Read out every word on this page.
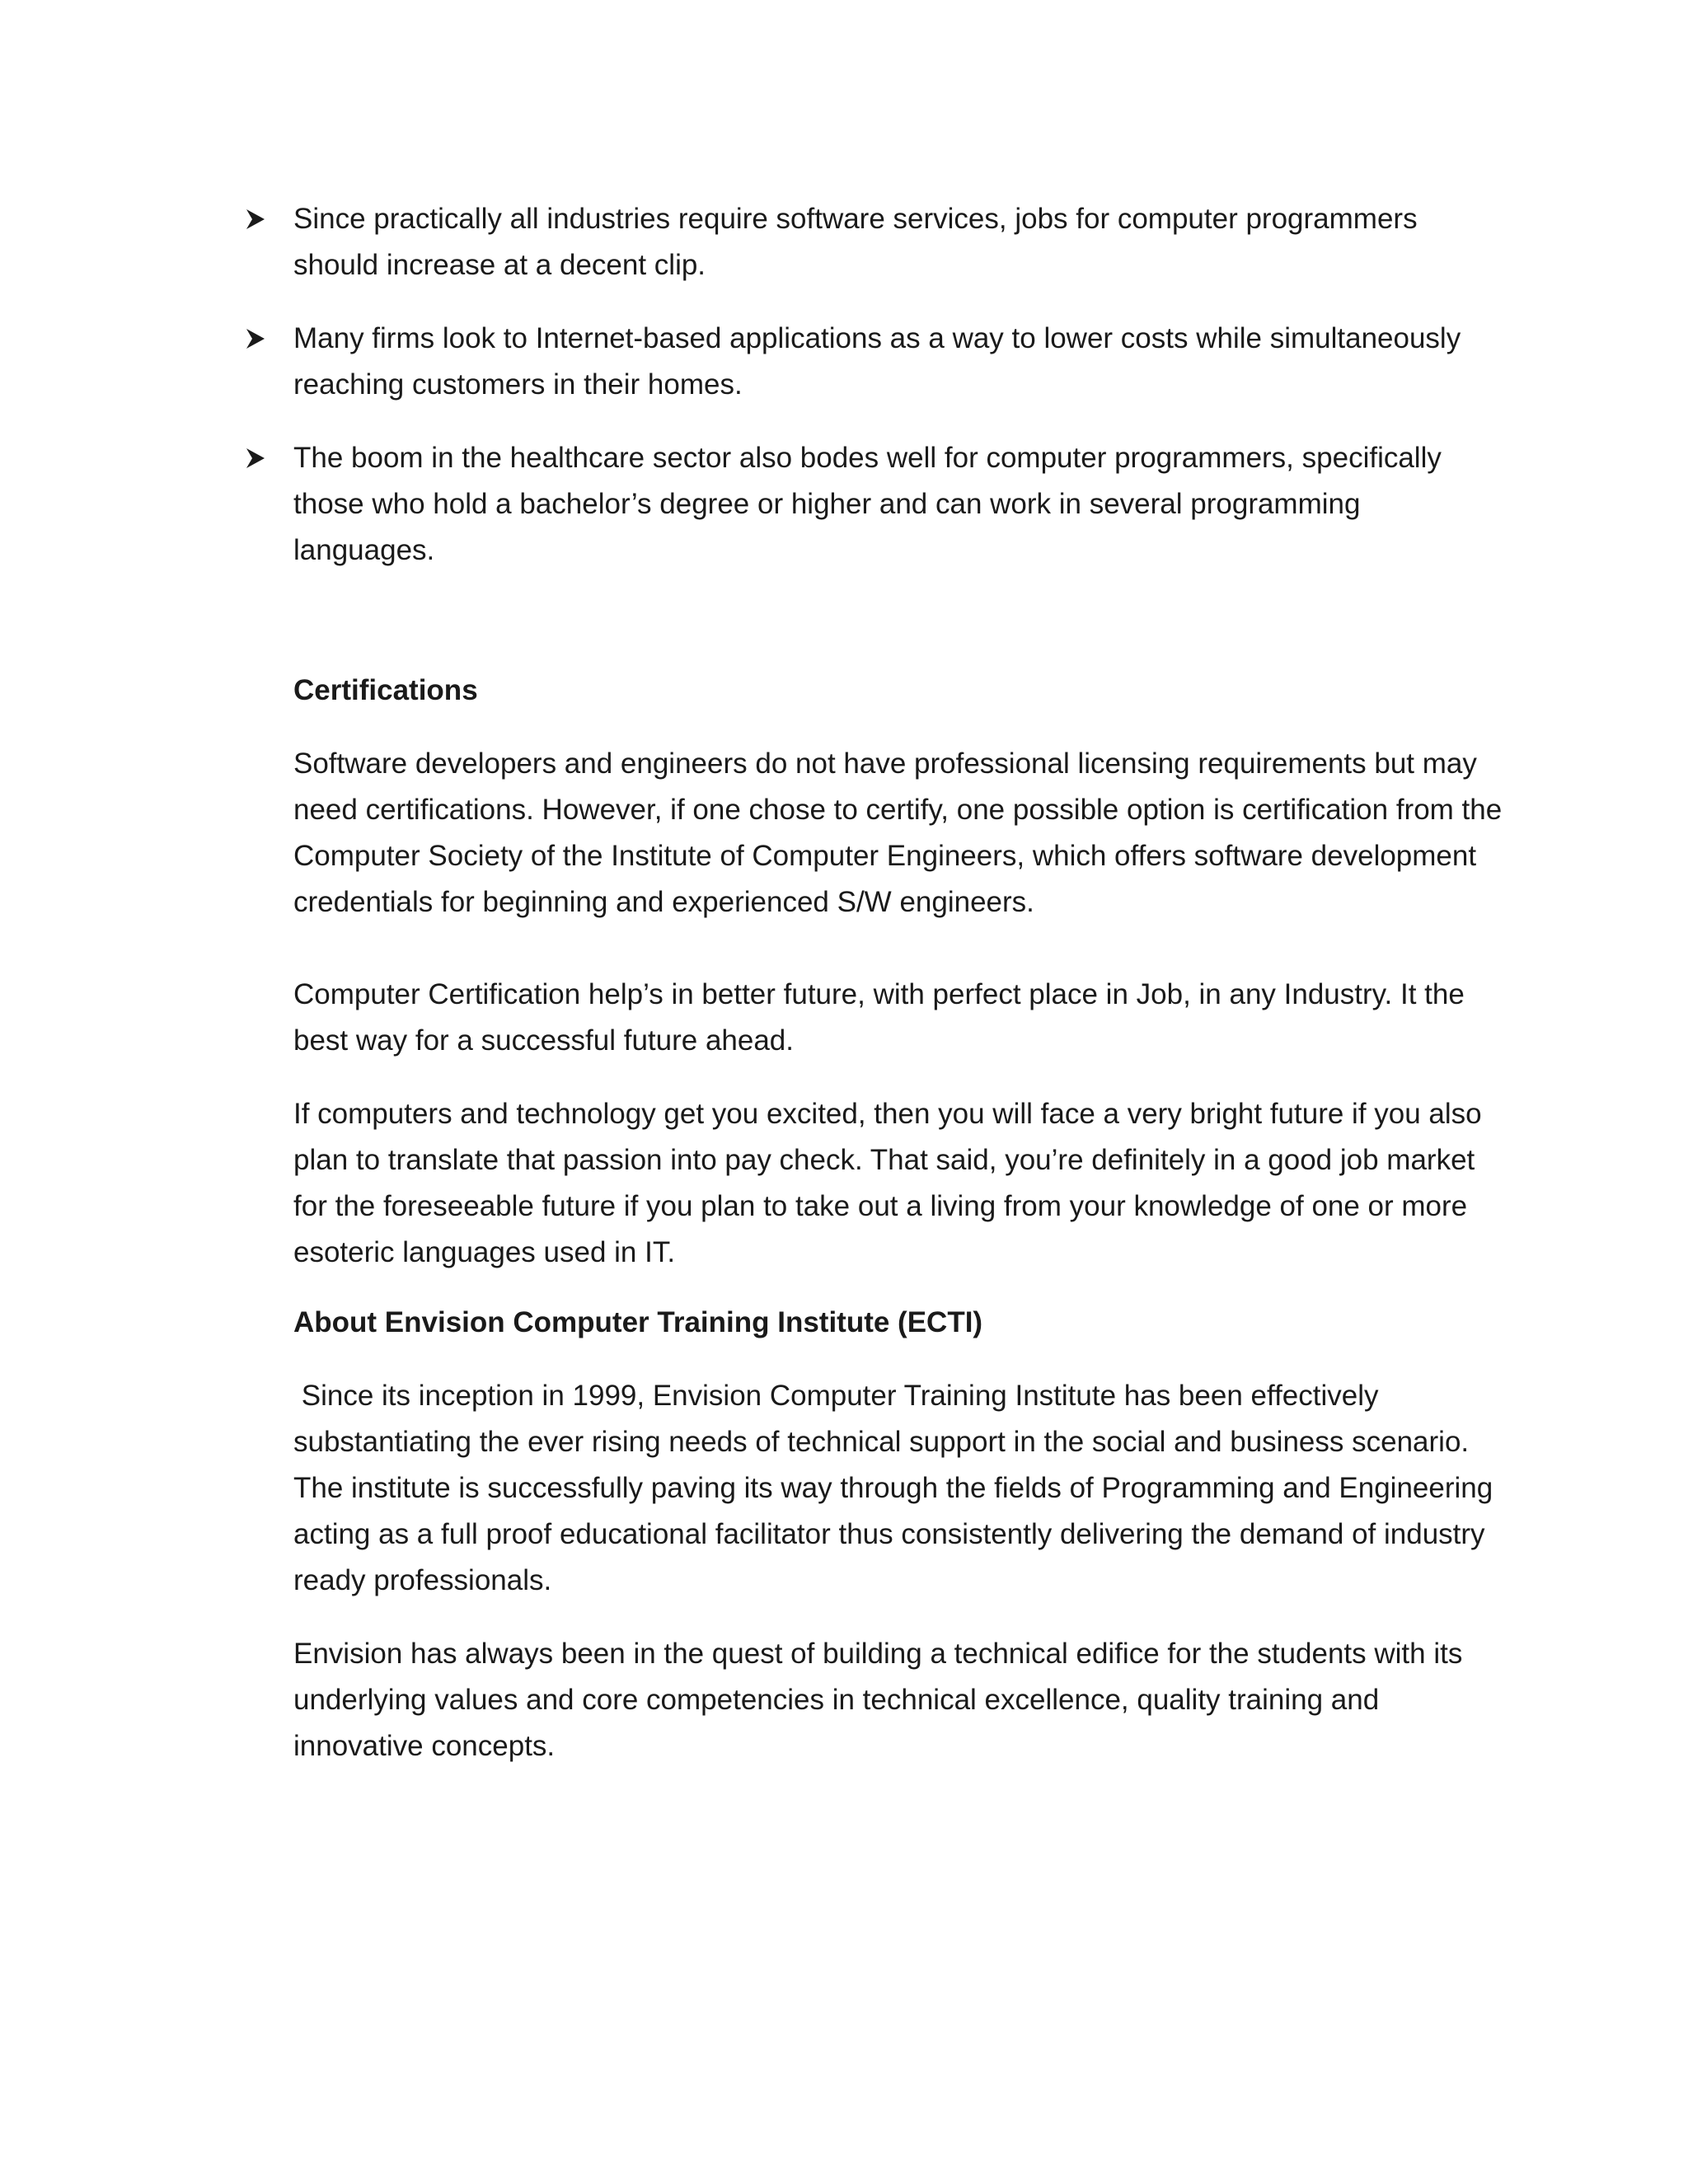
Since practically all industries require software services, jobs for computer programmers should increase at a decent clip.
Many firms look to Internet-based applications as a way to lower costs while simultaneously reaching customers in their homes.
The boom in the healthcare sector also bodes well for computer programmers, specifically those who hold a bachelor’s degree or higher and can work in several programming languages.
Certifications

Software developers and engineers do not have professional licensing requirements but may need certifications. However, if one chose to certify, one possible option is certification from the Computer Society of the Institute of Computer Engineers, which offers software development credentials for beginning and experienced S/W engineers.

Computer Certification help’s in better future, with perfect place in Job, in any Industry. It the best way for a successful future ahead.

If computers and technology get you excited, then you will face a very bright future if you also plan to translate that passion into pay check. That said, you’re definitely in a good job market for the foreseeable future if you plan to take out a living from your knowledge of one or more esoteric languages used in IT.

About Envision Computer Training Institute (ECTI)

Since its inception in 1999, Envision Computer Training Institute has been effectively substantiating the ever rising needs of technical support in the social and business scenario. The institute is successfully paving its way through the fields of Programming and Engineering acting as a full proof educational facilitator thus consistently delivering the demand of industry ready professionals.

Envision has always been in the quest of building a technical edifice for the students with its underlying values and core competencies in technical excellence, quality training and innovative concepts.
